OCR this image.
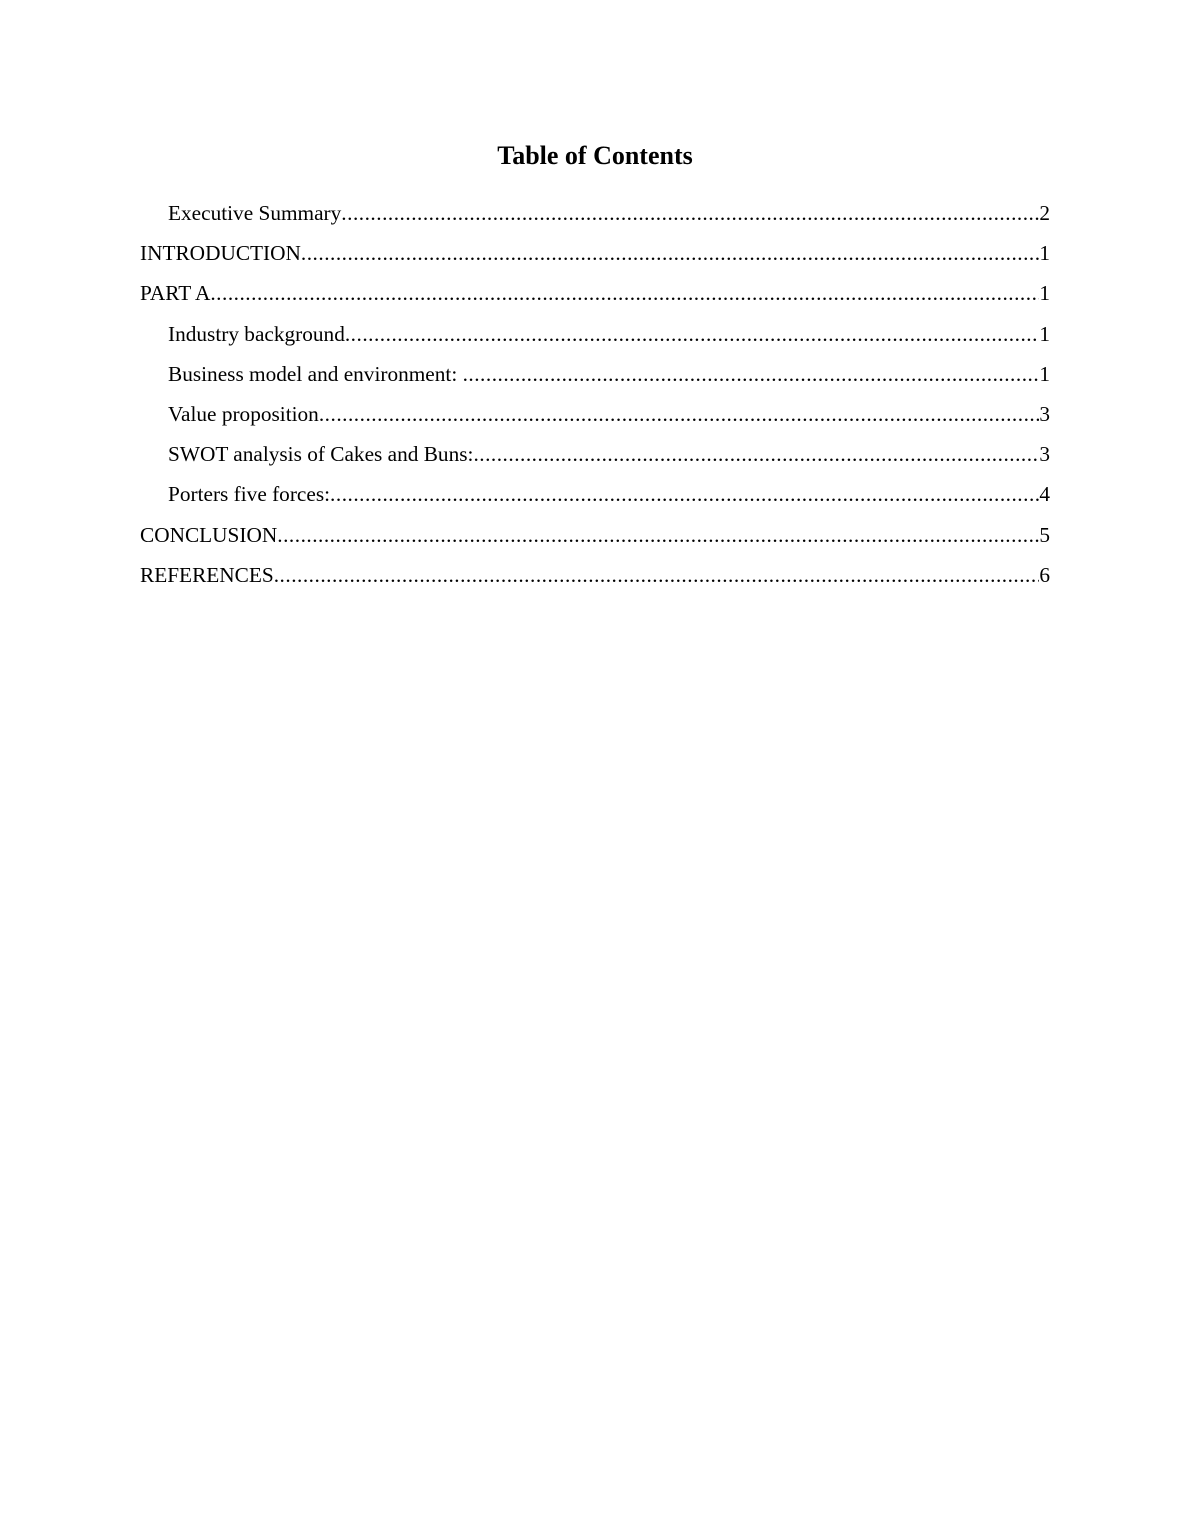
Table of Contents
Executive Summary .....	2
INTRODUCTION .....	1
PART A .....	1
Industry background .....	1
Business model and environment: .....	1
Value proposition .....	3
SWOT analysis of Cakes and Buns: .....	3
Porters five forces: .....	4
CONCLUSION .....	5
REFERENCES .....	6
